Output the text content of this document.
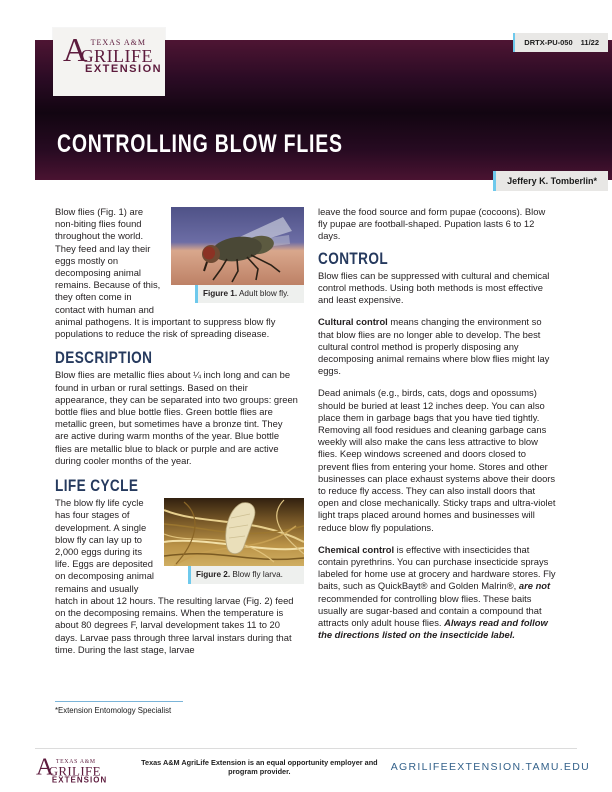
A TEXAS A&M
GRILIFE
EXTENSION
DRTX-PU-050 11/22
CONTROLLING BLOW FLIES
Jeffery K. Tomberlin*
Figure 1. Adult blow fly.

Blow flies (Fig. 1) are non-biting flies found throughout the world. They feed and lay their eggs mostly on decomposing animal remains. Because of this, they often come in contact with human and animal pathogens. It is important to suppress blow fly populations to reduce the risk of spreading disease.

DESCRIPTION

Blow flies are metallic flies about ¼ inch long and can be found in urban or rural settings. Based on their appearance, they can be separated into two groups: green bottle flies and blue bottle flies. Green bottle flies are metallic green, but sometimes have a bronze tint. They are active during warm months of the year. Blue bottle flies are metallic blue to black or purple and are active during cooler months of the year.

LIFE CYCLE
Figure 2. Blow fly larva.

The blow fly life cycle has four stages of development. A single blow fly can lay up to 2,000 eggs during its life. Eggs are deposited on decomposing animal remains and usually hatch in about 12 hours. The resulting larvae (Fig. 2) feed on the decomposing remains. When the temperature is about 80 degrees F, larval development takes 11 to 20 days. Larvae pass through three larval instars during that time. During the last stage, larvae

leave the food source and form pupae (cocoons). Blow fly pupae are football-shaped. Pupation lasts 6 to 12 days.

CONTROL

Blow flies can be suppressed with cultural and chemical control methods. Using both methods is most effective and least expensive.

Cultural control means changing the environment so that blow flies are no longer able to develop. The best cultural control method is properly disposing any decomposing animal remains where blow flies might lay eggs.

Dead animals (e.g., birds, cats, dogs and opossums) should be buried at least 12 inches deep. You can also place them in garbage bags that you have tied tightly. Removing all food residues and cleaning garbage cans weekly will also make the cans less attractive to blow flies. Keep windows screened and doors closed to prevent flies from entering your home. Stores and other businesses can place exhaust systems above their doors to reduce fly access. They can also install doors that open and close mechanically. Sticky traps and ultra-violet light traps placed around homes and businesses will reduce blow fly populations.

Chemical control is effective with insecticides that contain pyrethrins. You can purchase insecticide sprays labeled for home use at grocery and hardware stores. Fly baits, such as QuickBayt® and Golden Malrin®, are not recommended for controlling blow flies. These baits usually are sugar-based and contain a compound that attracts only adult house flies. Always read and follow the directions listed on the insecticide label.

*Extension Entomology Specialist
A TEXAS A&M
GRILIFE
EXTENSION
Texas A&M AgriLife Extension is an equal opportunity employer and program provider.	AGRILIFEEXTENSION.TAMU.EDU
